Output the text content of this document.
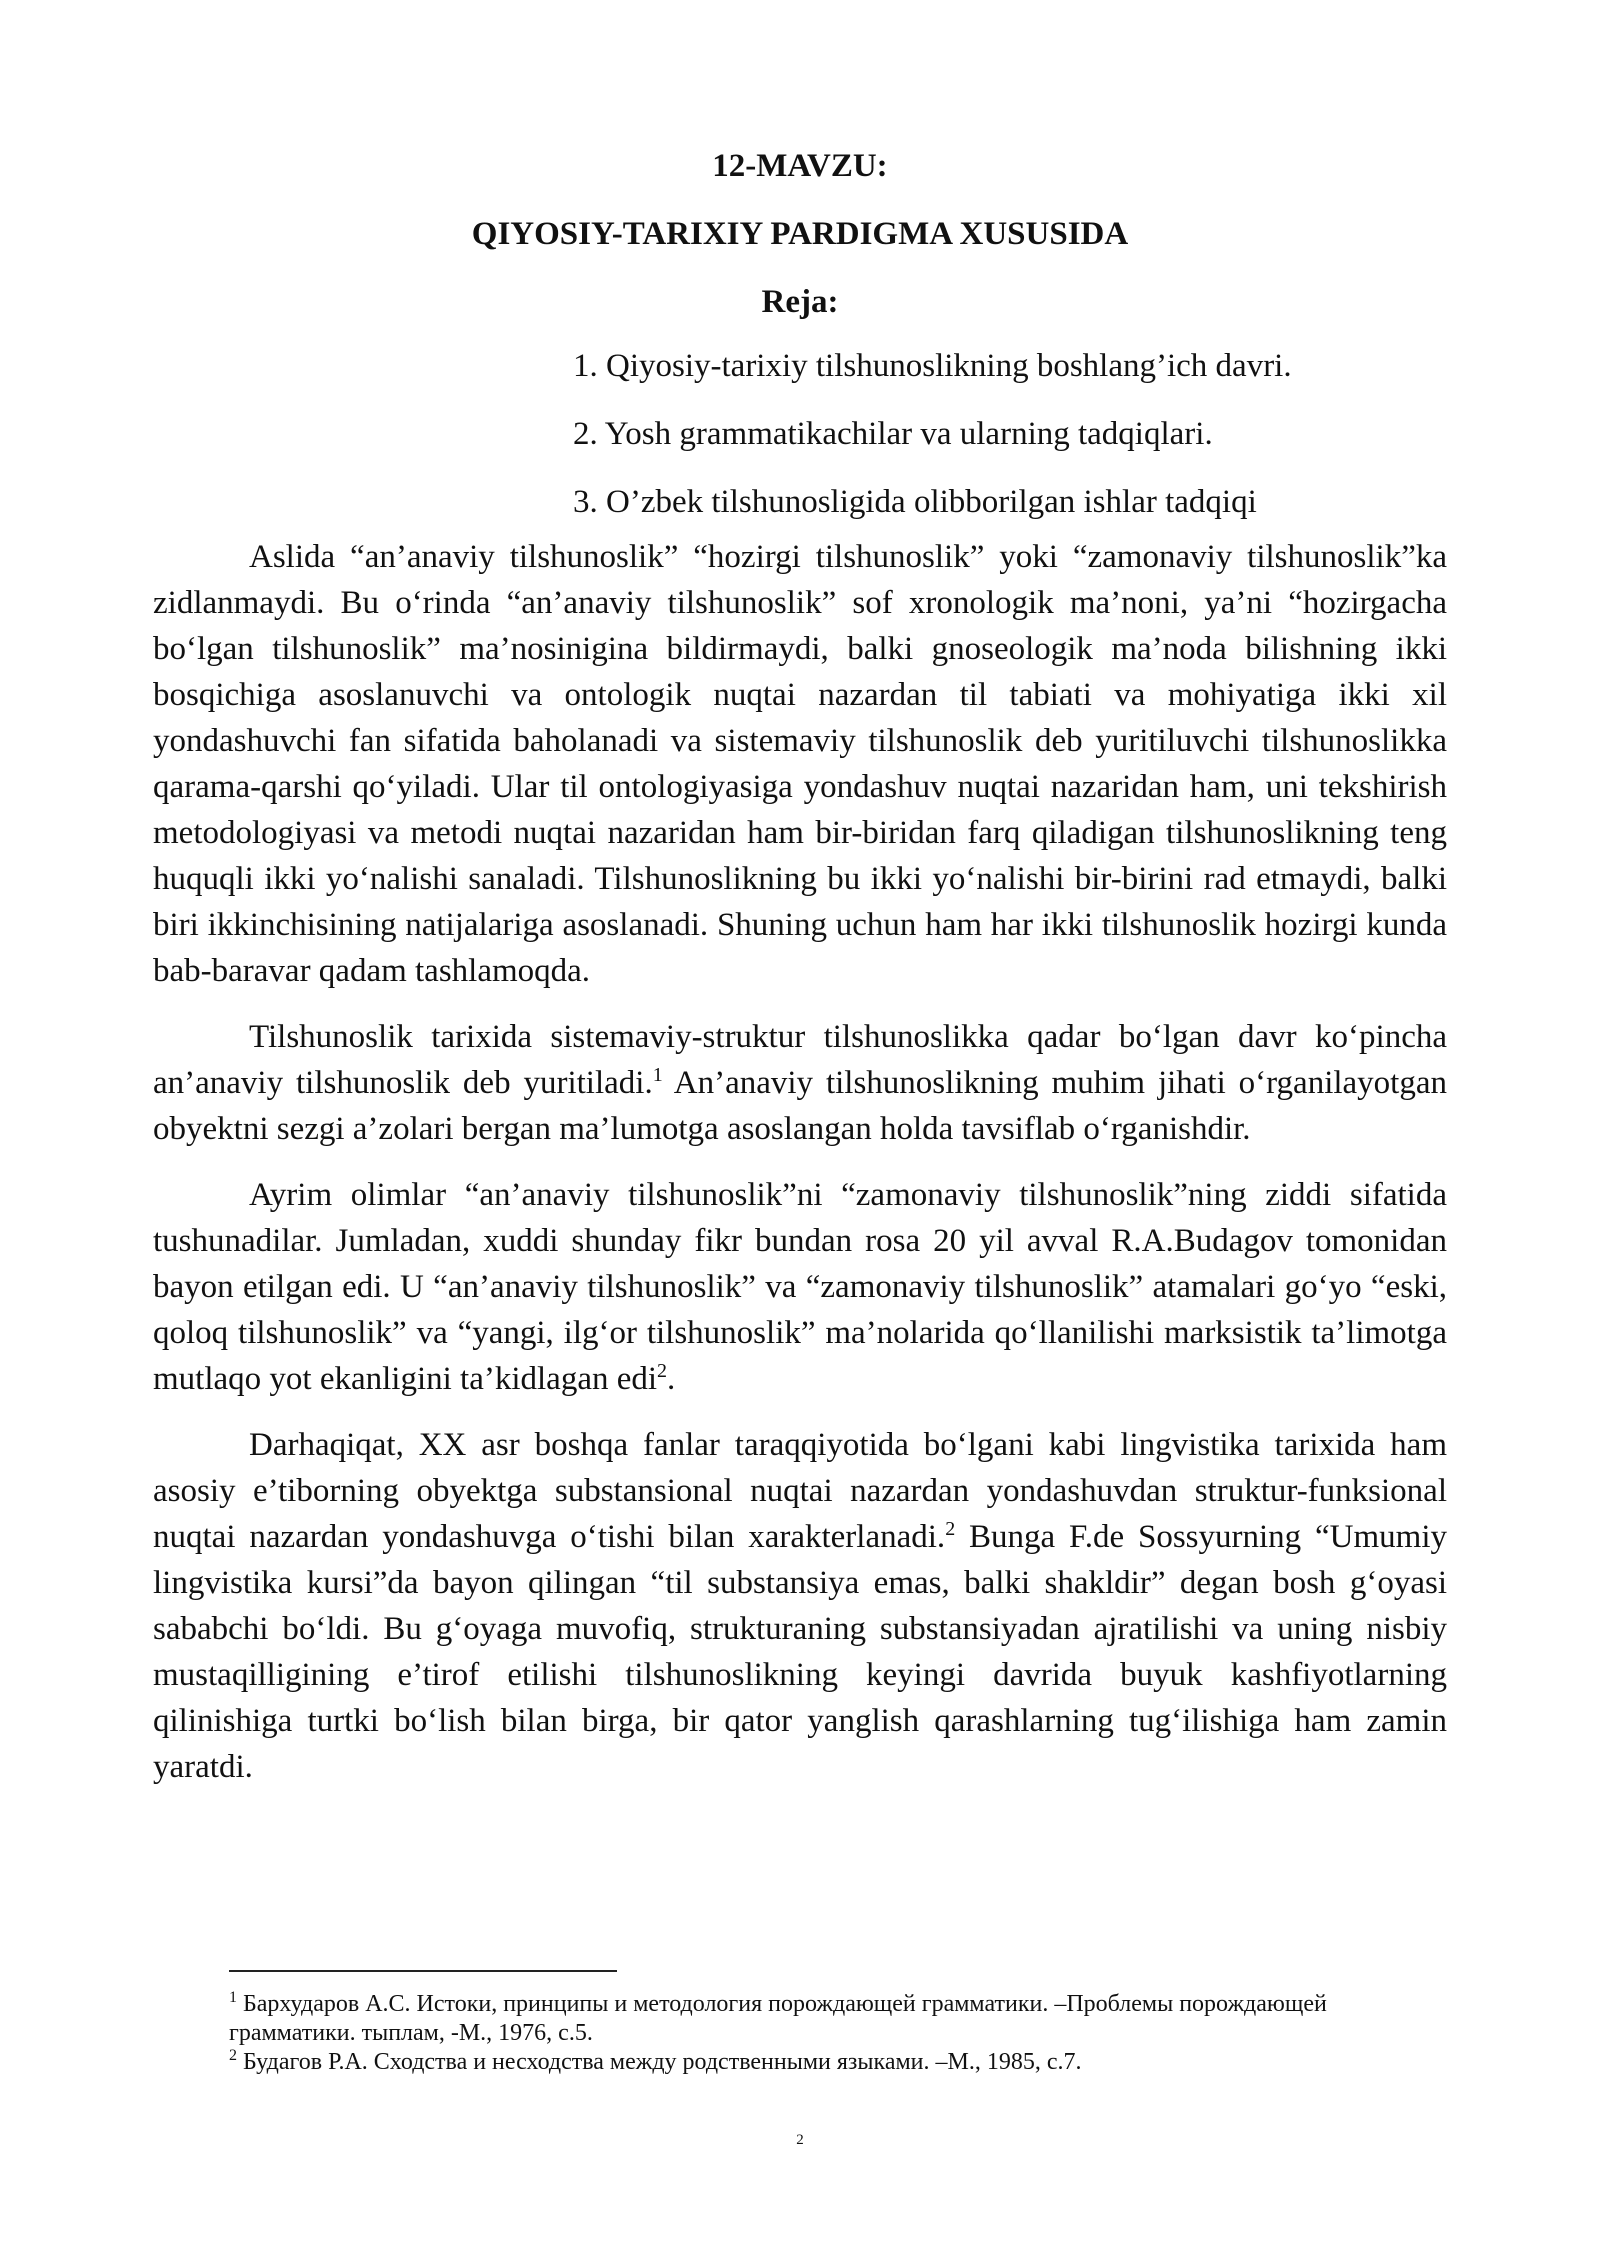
12-MAVZU:
QIYOSIY-TARIXIY PARDIGMA XUSUSIDA
Reja:
1. Qiyosiy-tarixiy tilshunoslikning boshlang’ich davri.
2. Yosh grammatikachilar va ularning tadqiqlari.
3. O’zbek tilshunosligida olibborilgan ishlar tadqiqi

Aslida “an’anaviy tilshunoslik” “hozirgi tilshunoslik” yoki “zamonaviy tilshunoslik”ka zidlanmaydi. Bu o‘rinda “an’anaviy tilshunoslik” sof xronologik ma’noni, ya’ni “hozirgacha bo‘lgan tilshunoslik” ma’nosinigina bildirmaydi, balki gnoseologik ma’noda bilishning ikki bosqichiga asoslanuvchi va ontologik nuqtai nazardan til tabiati va mohiyatiga ikki xil yondashuvchi fan sifatida baholanadi va sistemaviy tilshunoslik deb yuritiluvchi tilshunoslikka qarama-qarshi qo‘yiladi. Ular til ontologiyasiga yondashuv nuqtai nazaridan ham, uni tekshirish metodologiyasi va metodi nuqtai nazaridan ham bir-biridan farq qiladigan tilshunoslikning teng huquqli ikki yo‘nalishi sanaladi. Tilshunoslikning bu ikki yo‘nalishi bir-birini rad etmaydi, balki biri ikkinchisining natijalariga asoslanadi. Shuning uchun ham har ikki tilshunoslik hozirgi kunda bab-baravar qadam tashlamoqda.

Tilshunoslik tarixida sistemaviy-struktur tilshunoslikka qadar bo‘lgan davr ko‘pincha an’anaviy tilshunoslik deb yuritiladi.$^1$ An’anaviy tilshunoslikning muhim jihati o‘rganilayotgan obyektni sezgi a’zolari bergan ma’lumotga asoslangan holda tavsiflab o‘rganishdir.

Ayrim olimlar “an’anaviy tilshunoslik”ni “zamonaviy tilshunoslik”ning ziddi sifatida tushunadilar. Jumladan, xuddi shunday fikr bundan rosa 20 yil avval R.A.Budagov tomonidan bayon etilgan edi. U “an’anaviy tilshunoslik” va “zamonaviy tilshunoslik” atamalari go‘yo “eski, qoloq tilshunoslik” va “yangi, ilg‘or tilshunoslik” ma’nolarida qo‘llanilishi marksistik ta’limotga mutlaqo yot ekanligini ta’kidlagan edi$^2$.

Darhaqiqat, XX asr boshqa fanlar taraqqiyotida bo‘lgani kabi lingvistika tarixida ham asosiy e’tiborning obyektga substansional nuqtai nazardan yondashuvdan struktur-funksional nuqtai nazardan yondashuvga o‘tishi bilan xarakterlanadi.$^2$ Bunga F.de Sossyurning “Umumiy lingvistika kursi”da bayon qilingan “til substansiya emas, balki shakldir” degan bosh g‘oyasi sababchi bo‘ldi. Bu g‘oyaga muvofiq, strukturaning substansiyadan ajratilishi va uning nisbiy mustaqilligining e’tirof etilishi tilshunoslikning keyingi davrida buyuk kashfiyotlarning qilinishiga turtki bo‘lish bilan birga, bir qator yanglish qarashlarning tug‘ilishiga ham zamin yaratdi.

$^1$ Бархударов А.С. Истоки, принципы и методология порождающей грамматики. –Проблемы порождающей грамматики. тыплам, -М., 1976, с.5.

$^2$ Будагов Р.А. Сходства и несходства между родственными языками. –М., 1985, с.7.

2
